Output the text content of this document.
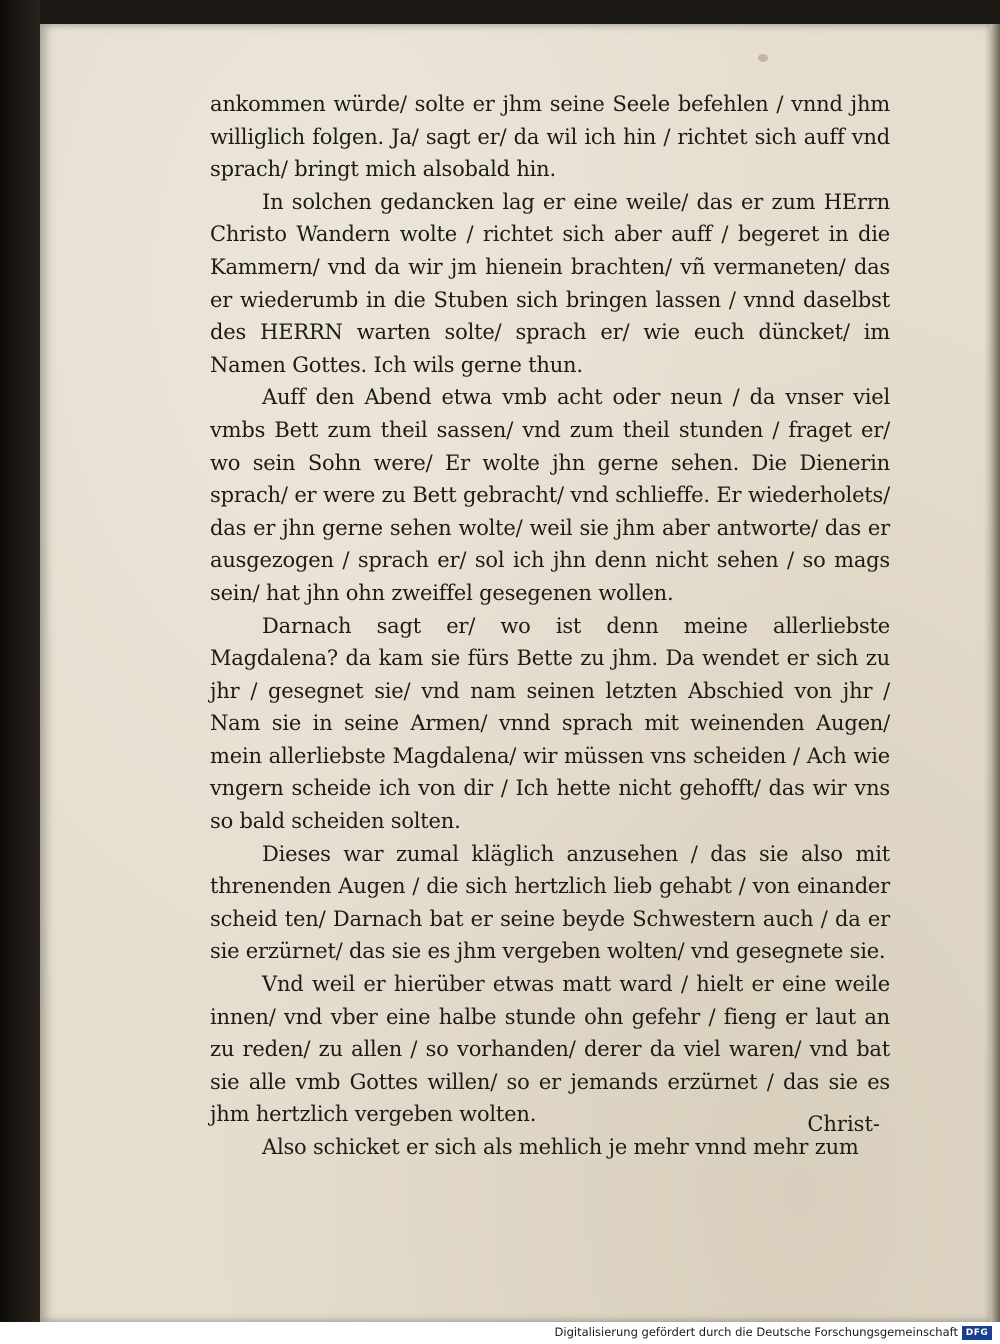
ankommen würde/ solte er jhm seine Seele befehlen / vnnd jhm williglich folgen. Ja/ sagt er/ da wil ich hin / richtet sich auff vnd sprach/ bringt mich alsobald hin.

In solchen gedancken lag er eine weile/ das er zum HErrn Christo Wandern wolte / richtet sich aber auff / begeret in die Kammern/ vnd da wir jm hienein brachten/ vñ vermaneten/ das er wiederumb in die Stuben sich bringen lassen / vnnd daselbst des HERRN warten solte/ sprach er/ wie euch düncket/ im Namen Gottes. Ich wils gerne thun.

Auff den Abend etwa vmb acht oder neun / da vnser viel vmbs Bett zum theil sassen/ vnd zum theil stunden / fraget er/ wo sein Sohn were/ Er wolte jhn gerne sehen. Die Dienerin sprach/ er were zu Bett gebracht/ vnd schlieffe. Er wiederholets/ das er jhn gerne sehen wolte/ weil sie jhm aber antworte/ das er ausgezogen / sprach er/ sol ich jhn denn nicht sehen / so mags sein/ hat jhn ohn zweiffel gesegenen wollen.

Darnach sagt er/ wo ist denn meine allerliebste Magdalena? da kam sie fürs Bette zu jhm. Da wendet er sich zu jhr / gesegnet sie/ vnd nam seinen letzten Abschied von jhr / Nam sie in seine Armen/ vnnd sprach mit weinenden Augen/ mein allerliebste Magdalena/ wir müssen vns scheiden / Ach wie vngern scheide ich von dir / Ich hette nicht gehofft/ das wir vns so bald scheiden solten.

Dieses war zumal kläglich anzusehen / das sie also mit threnenden Augen / die sich hertzlich lieb gehabt / von einander scheid ten/ Darnach bat er seine beyde Schwestern auch / da er sie erzürnet/ das sie es jhm vergeben wolten/ vnd gesegnete sie.

Vnd weil er hierüber etwas matt ward / hielt er eine weile innen/ vnd vber eine halbe stunde ohn gefehr / fieng er laut an zu reden/ zu allen / so vorhanden/ derer da viel waren/ vnd bat sie alle vmb Gottes willen/ so er jemands erzürnet / das sie es jhm hertzlich vergeben wolten.

Also schicket er sich als mehlich je mehr vnnd mehr zum

Christ-
Digitalisierung gefördert durch die Deutsche Forschungsgemeinschaft DFG
